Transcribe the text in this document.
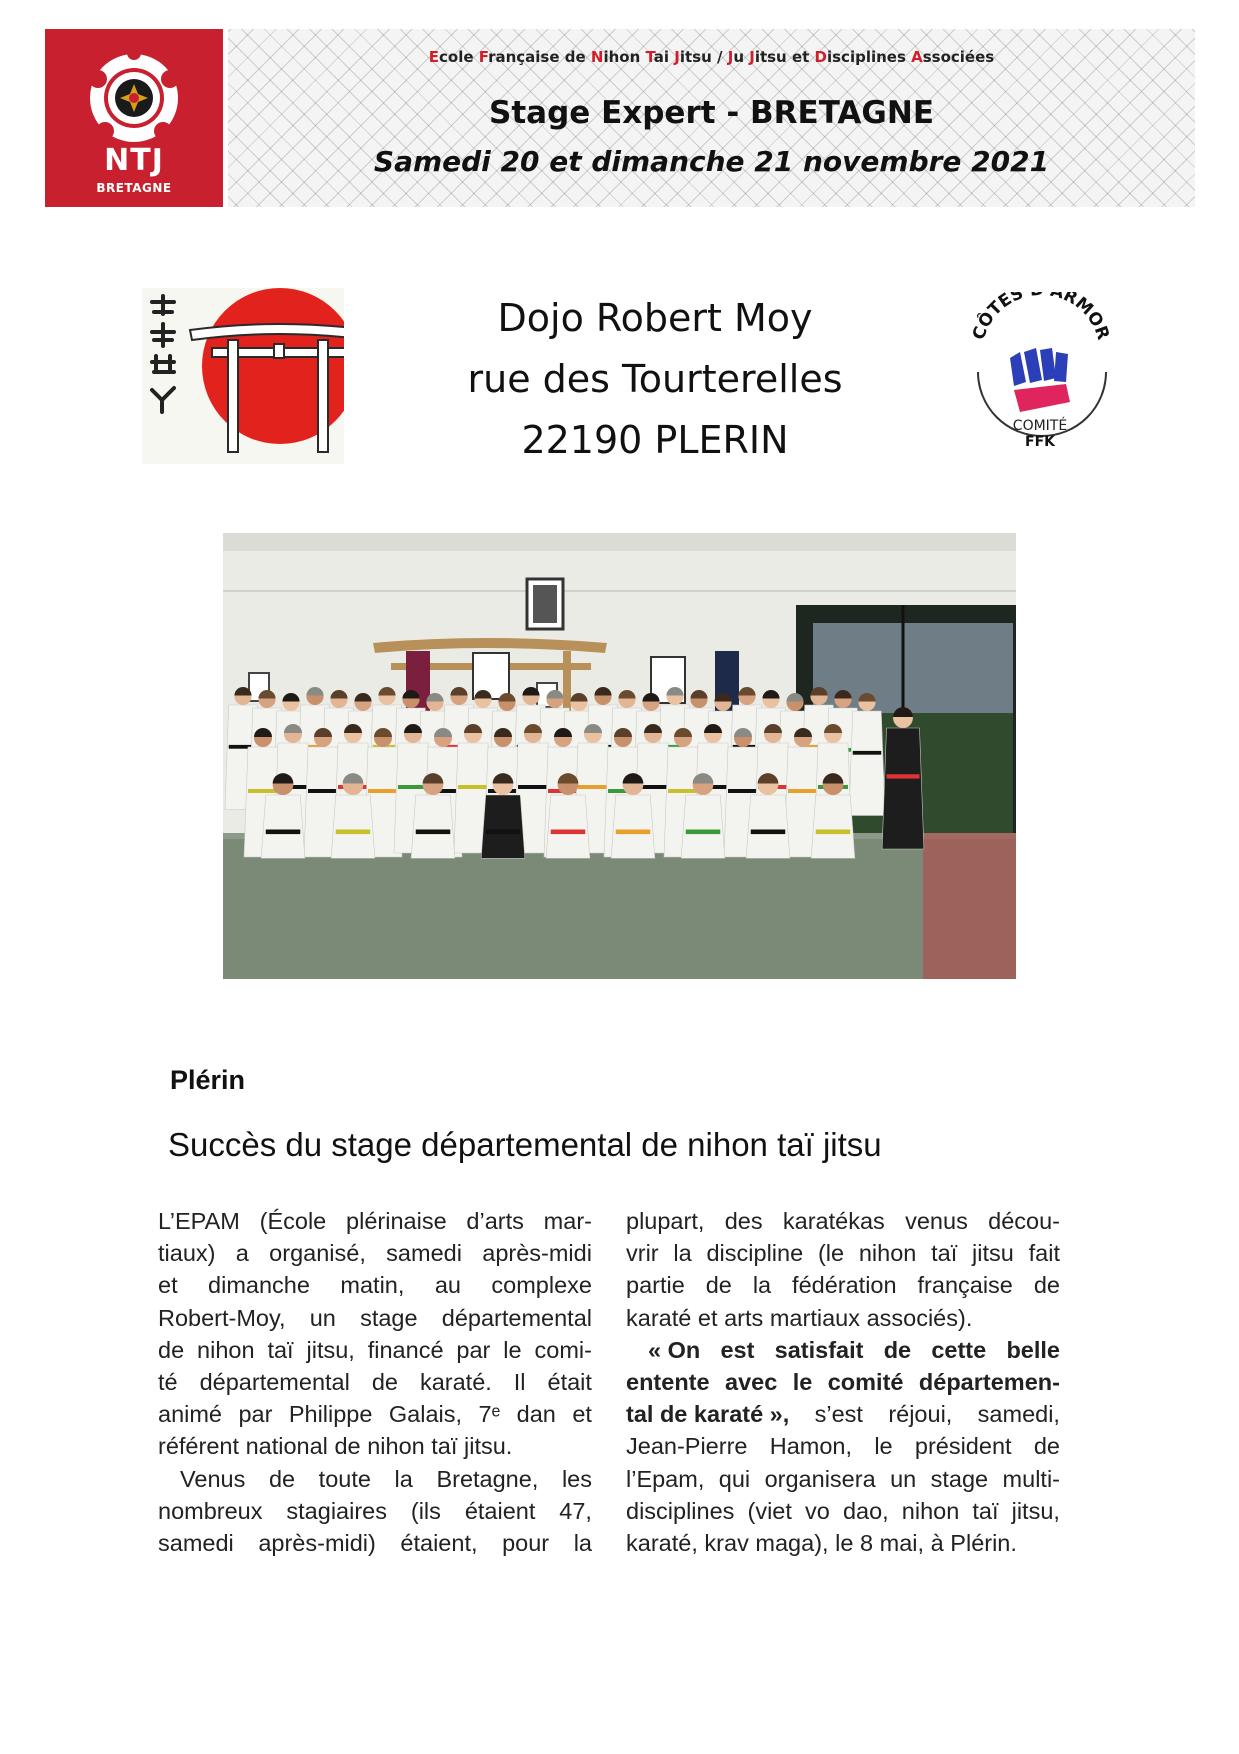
NTJ
BRETAGNE
Ecole Française de Nihon Tai Jitsu / Ju Jitsu et Disciplines Associées
Stage Expert - BRETAGNE
Samedi 20 et dimanche 21 novembre 2021
Dojo Robert Moy
rue des Tourterelles
22190 PLERIN
CÔTES ARMOR
COMITÉ
FFK
Plérin
Succès du stage départemental de nihon taï jitsu
L’EPAM (École plérinaise d’arts mar-
tiaux) a organisé, samedi après-midi
et dimanche matin, au complexe
Robert-Moy, un stage départemental
de nihon taï jitsu, financé par le comi-
té départemental de karaté. Il était
animé par Philippe Galais, 7ᵉ dan et
référent national de nihon taï jitsu.
Venus de toute la Bretagne, les
nombreux stagiaires (ils étaient 47,
samedi après-midi) étaient, pour la
plupart, des karatékas venus décou-
vrir la discipline (le nihon taï jitsu fait
partie de la fédération française de
karaté et arts martiaux associés).
« On est satisfait de cette belle
entente avec le comité départemen-
tal de karaté », s’est réjoui, samedi,
Jean-Pierre Hamon, le président de
l’Epam, qui organisera un stage multi-
disciplines (viet vo dao, nihon taï jitsu,
karaté, krav maga), le 8 mai, à Plérin.
